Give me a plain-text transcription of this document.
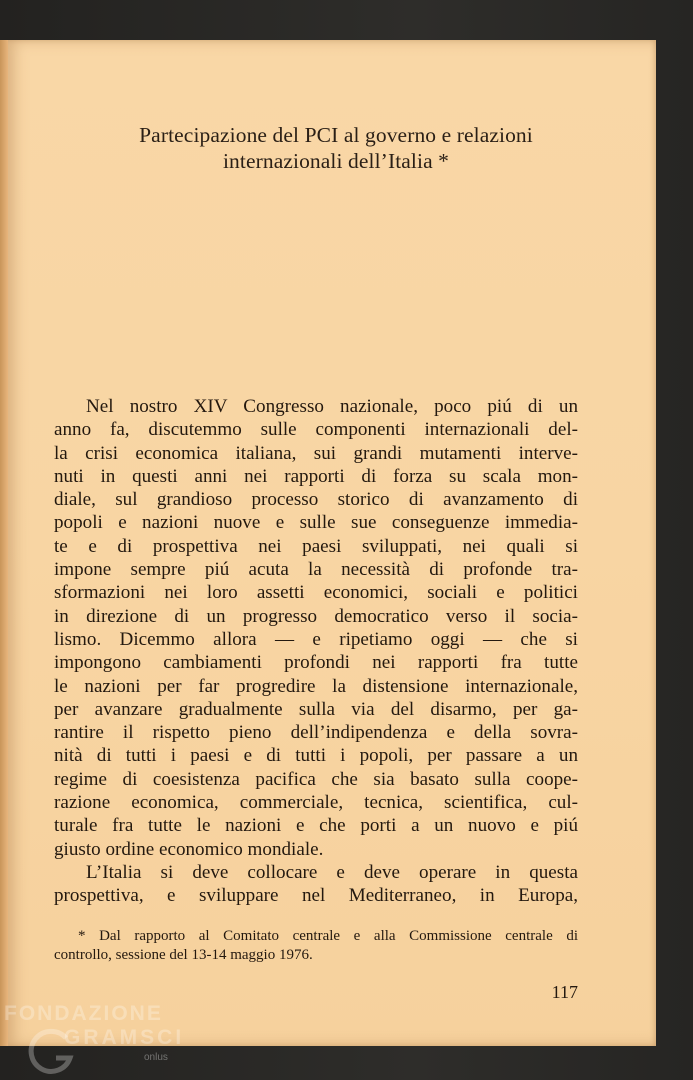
Partecipazione del PCI al governo e relazioni
internazionali dell’Italia *
Nel nostro XIV Congresso nazionale, poco piú di un
anno fa, discutemmo sulle componenti internazionali del-
la crisi economica italiana, sui grandi mutamenti interve-
nuti in questi anni nei rapporti di forza su scala mon-
diale, sul grandioso processo storico di avanzamento di
popoli e nazioni nuove e sulle sue conseguenze immedia-
te e di prospettiva nei paesi sviluppati, nei quali si
impone sempre piú acuta la necessità di profonde tra-
sformazioni nei loro assetti economici, sociali e politici
in direzione di un progresso democratico verso il socia-
lismo. Dicemmo allora — e ripetiamo oggi — che si
impongono cambiamenti profondi nei rapporti fra tutte
le nazioni per far progredire la distensione internazionale,
per avanzare gradualmente sulla via del disarmo, per ga-
rantire il rispetto pieno dell’indipendenza e della sovra-
nità di tutti i paesi e di tutti i popoli, per passare a un
regime di coesistenza pacifica che sia basato sulla coope-
razione economica, commerciale, tecnica, scientifica, cul-
turale fra tutte le nazioni e che porti a un nuovo e piú
giusto ordine economico mondiale.
L’Italia si deve collocare e deve operare in questa
prospettiva, e sviluppare nel Mediterraneo, in Europa,
* Dal rapporto al Comitato centrale e alla Commissione centrale di
controllo, sessione del 13-14 maggio 1976.
117
FONDAZIONE
GRAMSCI
onlus
